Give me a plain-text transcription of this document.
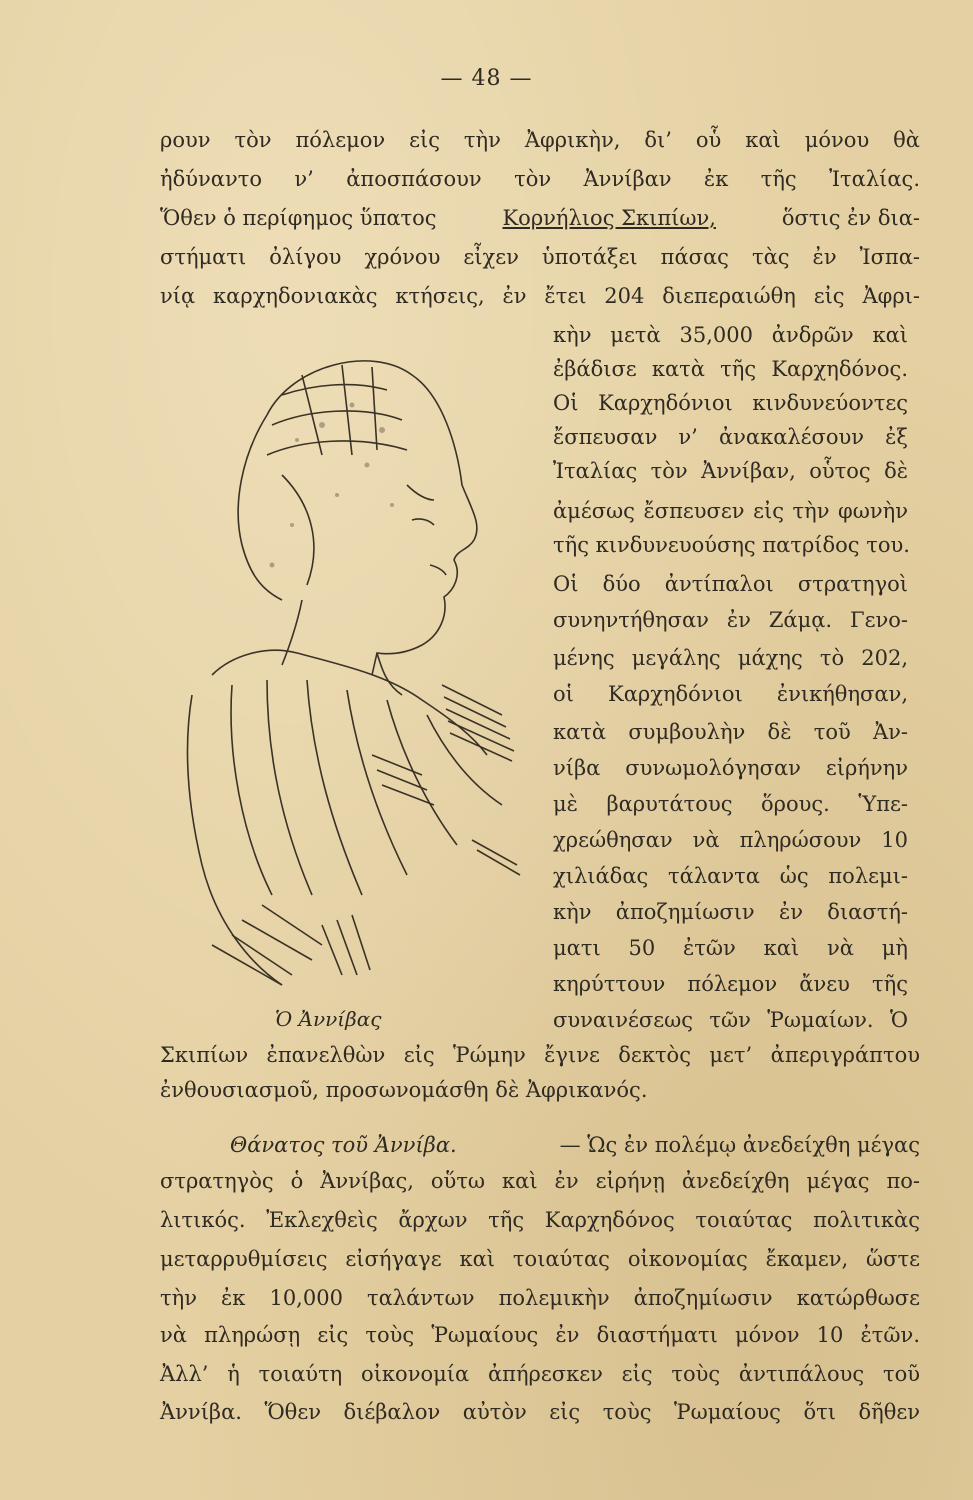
— 48 —
ρουν τὸν πόλεμον εἰς τὴν Ἀφρικὴν, δι’ οὗ καὶ μόνου θὰ
ἠδύναντο ν’ ἀποσπάσουν τὸν Ἀννίβαν ἐκ τῆς Ἰταλίας.
Ὅθεν ὁ περίφημος ὕπατος	Κορνήλιος Σκιπίων,	ὅστις ἐν δια-
στήματι ὀλίγου χρόνου εἶχεν ὑποτάξει πάσας τὰς ἐν Ἰσπα-
νίᾳ καρχηδονιακὰς κτήσεις, ἐν ἔτει 204 διεπεραιώθη εἰς Ἀφρι-
κὴν μετὰ 35,000 ἀνδρῶν καὶ
ἐβάδισε κατὰ τῆς Καρχηδόνος.
Οἱ Καρχηδόνιοι κινδυνεύοντες
ἔσπευσαν ν’ ἀνακαλέσουν ἐξ
Ἰταλίας τὸν Ἀννίβαν, οὗτος δὲ
ἀμέσως ἔσπευσεν εἰς τὴν φωνὴν
τῆς κινδυνευούσης πατρίδος του.
Οἱ δύο ἀντίπαλοι στρατηγοὶ
συνηντήθησαν ἐν Ζάμᾳ. Γενο-
μένης μεγάλης μάχης τὸ 202,
οἱ Καρχηδόνιοι ἐνικήθησαν,
κατὰ συμβουλὴν δὲ τοῦ Ἀν-
νίβα συνωμολόγησαν εἰρήνην
μὲ βαρυτάτους ὅρους. Ὑπε-
χρεώθησαν νὰ πληρώσουν 10
χιλιάδας τάλαντα ὡς πολεμι-
κὴν ἀποζημίωσιν ἐν διαστή-
ματι 50 ἐτῶν καὶ νὰ μὴ
κηρύττουν πόλεμον ἄνευ τῆς
συναινέσεως τῶν Ῥωμαίων. Ὁ
Ὁ Ἀννίβας
Σκιπίων ἐπανελθὼν εἰς Ῥώμην ἔγινε δεκτὸς μετ’ ἀπεριγράπτου
ἐνθουσιασμοῦ, προσωνομάσθη δὲ Ἀφρικανός.
Θάνατος τοῦ Ἀννίβα.	— Ὡς ἐν πολέμῳ ἀνεδείχθη μέγας
στρατηγὸς ὁ Ἀννίβας, οὕτω καὶ ἐν εἰρήνῃ ἀνεδείχθη μέγας πο-
λιτικός. Ἐκλεχθεὶς ἄρχων τῆς Καρχηδόνος τοιαύτας πολιτικὰς
μεταρρυθμίσεις εἰσήγαγε καὶ τοιαύτας οἰκονομίας ἔκαμεν, ὥστε
τὴν ἐκ 10,000 ταλάντων πολεμικὴν ἀποζημίωσιν κατώρθωσε
νὰ πληρώσῃ εἰς τοὺς Ῥωμαίους ἐν διαστήματι μόνον 10 ἐτῶν.
Ἀλλ’ ἡ τοιαύτη οἰκονομία ἀπήρεσκεν εἰς τοὺς ἀντιπάλους τοῦ
Ἀννίβα. Ὅθεν διέβαλον αὐτὸν εἰς τοὺς Ῥωμαίους ὅτι δῆθεν
